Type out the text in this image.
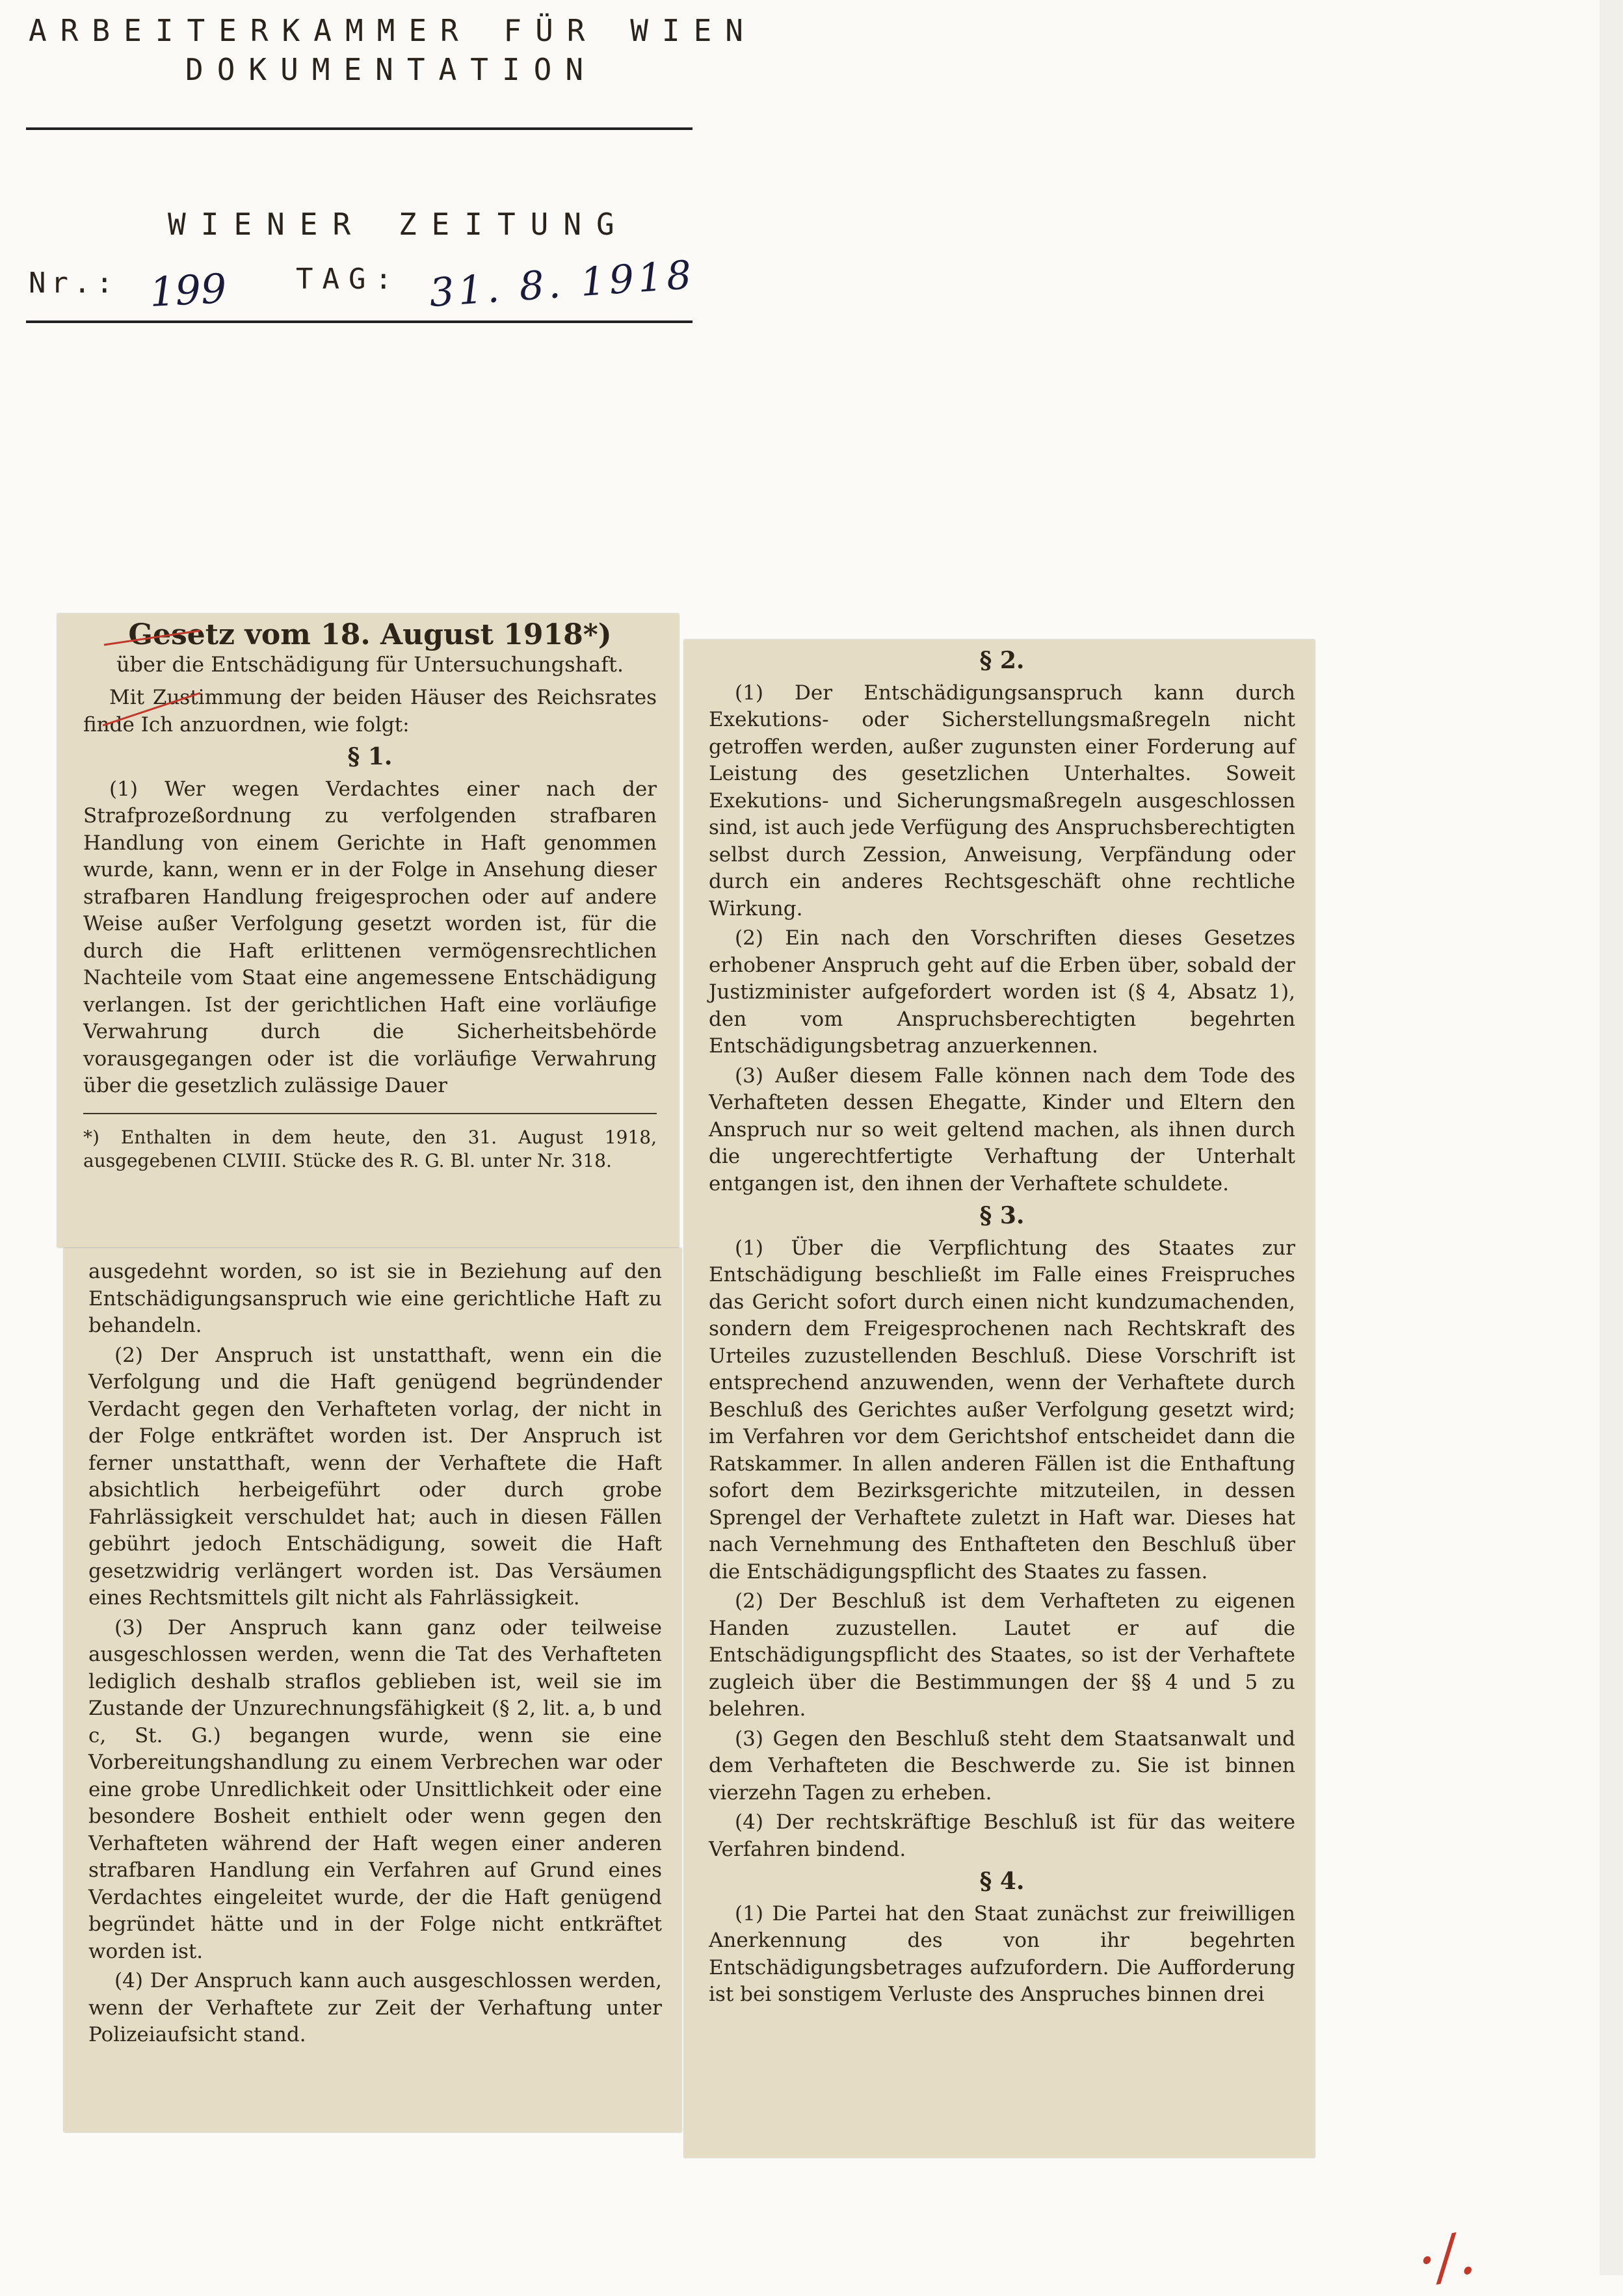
ARBEITERKAMMER FÜR WIEN
DOKUMENTATION
WIENER ZEITUNG
Nr.: 199 TAG: 31. 8. 1918
Gesetz vom 18. August 1918*)
über die Entschädigung für Untersuchungshaft.

Mit Zustimmung der beiden Häuser des Reichsrates finde Ich anzuordnen, wie folgt:

§ 1.

(1) Wer wegen Verdachtes einer nach der Strafprozeßordnung zu verfolgenden strafbaren Handlung von einem Gerichte in Haft genommen wurde, kann, wenn er in der Folge in Ansehung dieser strafbaren Handlung freigesprochen oder auf andere Weise außer Verfolgung gesetzt worden ist, für die durch die Haft erlittenen vermögensrechtlichen Nachteile vom Staat eine angemessene Entschädigung verlangen. Ist der gerichtlichen Haft eine vorläufige Verwahrung durch die Sicherheitsbehörde vorausgegangen oder ist die vorläufige Verwahrung über die gesetzlich zulässige Dauer

*) Enthalten in dem heute, den 31. August 1918, ausgegebenen CLVIII. Stücke des R. G. Bl. unter Nr. 318.

ausgedehnt worden, so ist sie in Beziehung auf den Entschädigungsanspruch wie eine gerichtliche Haft zu behandeln.

(2) Der Anspruch ist unstatthaft, wenn ein die Verfolgung und die Haft genügend begründender Verdacht gegen den Verhafteten vorlag, der nicht in der Folge entkräftet worden ist. Der Anspruch ist ferner unstatthaft, wenn der Verhaftete die Haft absichtlich herbeigeführt oder durch grobe Fahrlässigkeit verschuldet hat; auch in diesen Fällen gebührt jedoch Entschädigung, soweit die Haft gesetzwidrig verlängert worden ist. Das Versäumen eines Rechtsmittels gilt nicht als Fahrlässigkeit.

(3) Der Anspruch kann ganz oder teilweise ausgeschlossen werden, wenn die Tat des Verhafteten lediglich deshalb straflos geblieben ist, weil sie im Zustande der Unzurechnungsfähigkeit (§ 2, lit. a, b und c, St. G.) begangen wurde, wenn sie eine Vorbereitungshandlung zu einem Verbrechen war oder eine grobe Unredlichkeit oder Unsittlichkeit oder eine besondere Bosheit enthielt oder wenn gegen den Verhafteten während der Haft wegen einer anderen strafbaren Handlung ein Verfahren auf Grund eines Verdachtes eingeleitet wurde, der die Haft genügend begründet hätte und in der Folge nicht entkräftet worden ist.

(4) Der Anspruch kann auch ausgeschlossen werden, wenn der Verhaftete zur Zeit der Verhaftung unter Polizeiaufsicht stand.

§ 2.

(1) Der Entschädigungsanspruch kann durch Exekutions- oder Sicherstellungsmaßregeln nicht getroffen werden, außer zugunsten einer Forderung auf Leistung des gesetzlichen Unterhaltes. Soweit Exekutions- und Sicherungsmaßregeln ausgeschlossen sind, ist auch jede Verfügung des Anspruchsberechtigten selbst durch Zession, Anweisung, Verpfändung oder durch ein anderes Rechtsgeschäft ohne rechtliche Wirkung.

(2) Ein nach den Vorschriften dieses Gesetzes erhobener Anspruch geht auf die Erben über, sobald der Justizminister aufgefordert worden ist (§ 4, Absatz 1), den vom Anspruchsberechtigten begehrten Entschädigungsbetrag anzuerkennen.

(3) Außer diesem Falle können nach dem Tode des Verhafteten dessen Ehegatte, Kinder und Eltern den Anspruch nur so weit geltend machen, als ihnen durch die ungerechtfertigte Verhaftung der Unterhalt entgangen ist, den ihnen der Verhaftete schuldete.

§ 3.

(1) Über die Verpflichtung des Staates zur Entschädigung beschließt im Falle eines Freispruches das Gericht sofort durch einen nicht kundzumachenden, sondern dem Freigesprochenen nach Rechtskraft des Urteiles zuzustellenden Beschluß. Diese Vorschrift ist entsprechend anzuwenden, wenn der Verhaftete durch Beschluß des Gerichtes außer Verfolgung gesetzt wird; im Verfahren vor dem Gerichtshof entscheidet dann die Ratskammer. In allen anderen Fällen ist die Enthaftung sofort dem Bezirksgerichte mitzuteilen, in dessen Sprengel der Verhaftete zuletzt in Haft war. Dieses hat nach Vernehmung des Enthafteten den Beschluß über die Entschädigungspflicht des Staates zu fassen.

(2) Der Beschluß ist dem Verhafteten zu eigenen Handen zuzustellen. Lautet er auf die Entschädigungspflicht des Staates, so ist der Verhaftete zugleich über die Bestimmungen der §§ 4 und 5 zu belehren.

(3) Gegen den Beschluß steht dem Staatsanwalt und dem Verhafteten die Beschwerde zu. Sie ist binnen vierzehn Tagen zu erheben.

(4) Der rechtskräftige Beschluß ist für das weitere Verfahren bindend.

§ 4.

(1) Die Partei hat den Staat zunächst zur freiwilligen Anerkennung des von ihr begehrten Entschädigungsbetrages aufzufordern. Die Aufforderung ist bei sonstigem Verluste des Anspruches binnen drei

·/.
